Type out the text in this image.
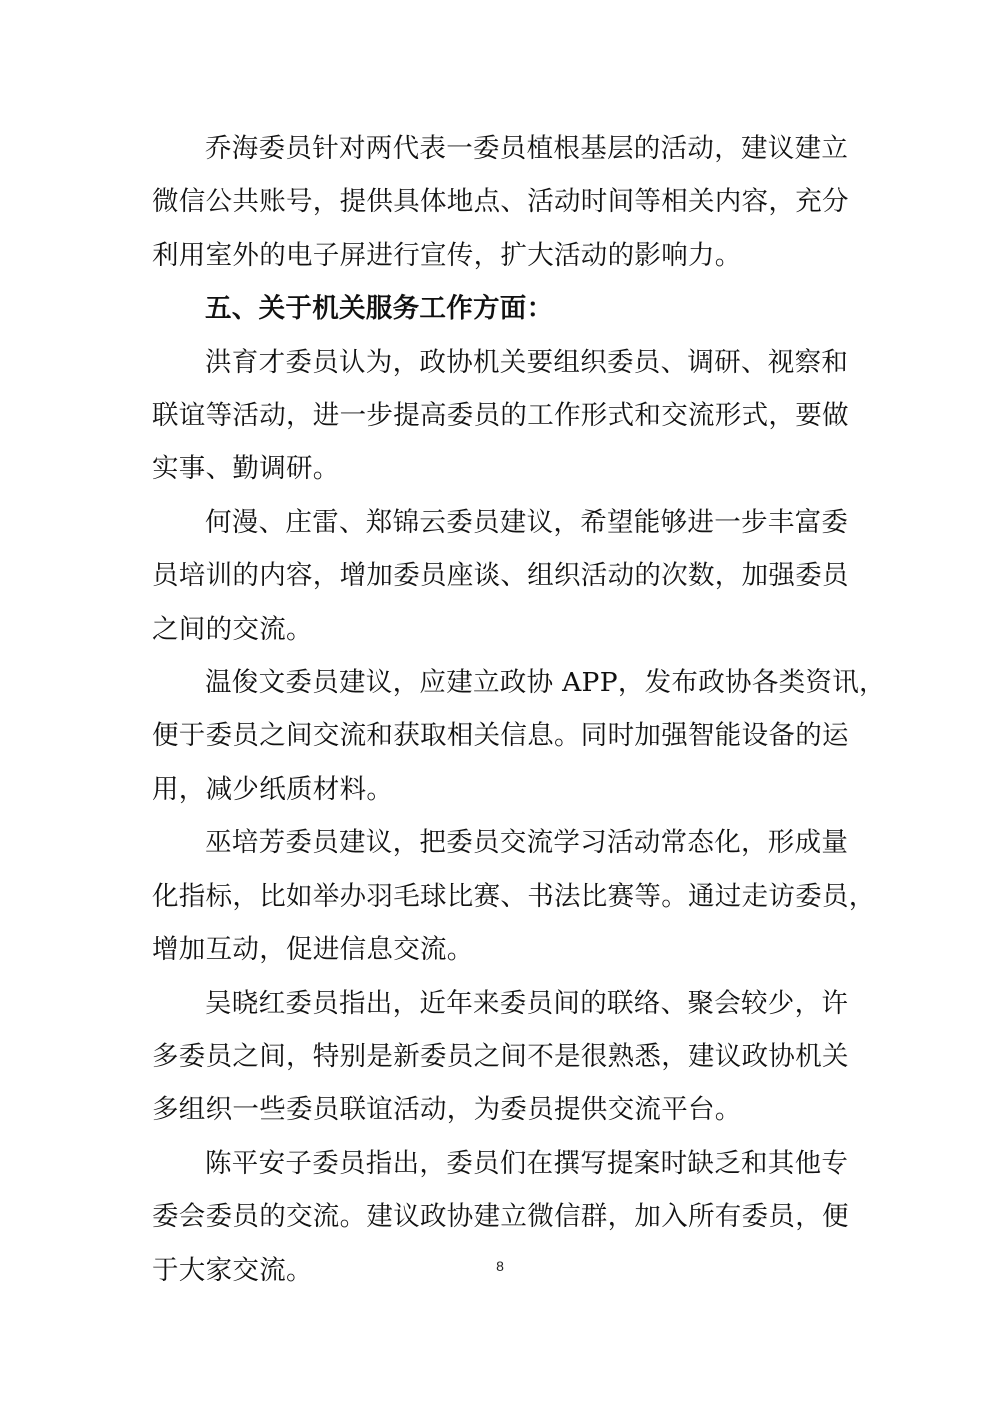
乔海委员针对两代表一委员植根基层的活动，建议建立
微信公共账号，提供具体地点、活动时间等相关内容，充分
利用室外的电子屏进行宣传，扩大活动的影响力。
五、关于机关服务工作方面：
洪育才委员认为，政协机关要组织委员、调研、视察和
联谊等活动，进一步提高委员的工作形式和交流形式，要做
实事、勤调研。
何漫、庄雷、郑锦云委员建议，希望能够进一步丰富委
员培训的内容，增加委员座谈、组织活动的次数，加强委员
之间的交流。
温俊文委员建议，应建立政协 APP，发布政协各类资讯，
便于委员之间交流和获取相关信息。同时加强智能设备的运
用，减少纸质材料。
巫培芳委员建议，把委员交流学习活动常态化，形成量
化指标，比如举办羽毛球比赛、书法比赛等。通过走访委员，
增加互动，促进信息交流。
吴晓红委员指出，近年来委员间的联络、聚会较少，许
多委员之间，特别是新委员之间不是很熟悉，建议政协机关
多组织一些委员联谊活动，为委员提供交流平台。
陈平安子委员指出，委员们在撰写提案时缺乏和其他专
委会委员的交流。建议政协建立微信群，加入所有委员，便
于大家交流。	8
